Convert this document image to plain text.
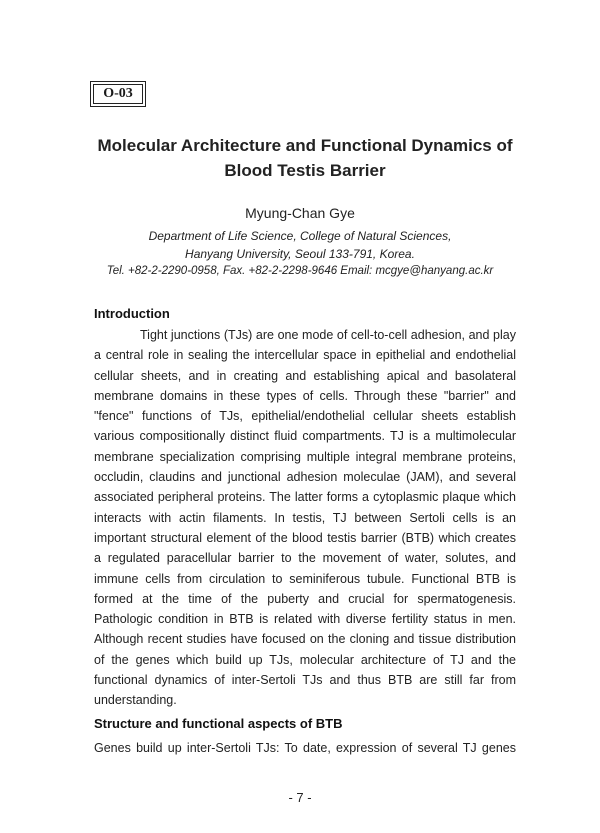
O-03
Molecular Architecture and Functional Dynamics of
Blood Testis Barrier
Myung-Chan Gye
Department of Life Science, College of Natural Sciences,
Hanyang University, Seoul 133-791, Korea.
Tel. +82-2-2290-0958, Fax. +82-2-2298-9646 Email: mcgye@hanyang.ac.kr
Introduction

Tight junctions (TJs) are one mode of cell-to-cell adhesion, and play a central role in sealing the intercellular space in epithelial and endothelial cellular sheets, and in creating and establishing apical and basolateral membrane domains in these types of cells. Through these "barrier" and "fence" functions of TJs, epithelial/endothelial cellular sheets establish various compositionally distinct fluid compartments. TJ is a multimolecular membrane specialization comprising multiple integral membrane proteins, occludin, claudins and junctional adhesion moleculae (JAM), and several associated peripheral proteins. The latter forms a cytoplasmic plaque which interacts with actin filaments. In testis, TJ between Sertoli cells is an important structural element of the blood testis barrier (BTB) which creates a regulated paracellular barrier to the movement of water, solutes, and immune cells from circulation to seminiferous tubule. Functional BTB is formed at the time of the puberty and crucial for spermatogenesis. Pathologic condition in BTB is related with diverse fertility status in men. Although recent studies have focused on the cloning and tissue distribution of the genes which build up TJs, molecular architecture of TJ and the functional dynamics of inter-Sertoli TJs and thus BTB are still far from understanding.

Structure and functional aspects of BTB

Genes build up inter-Sertoli TJs: To date, expression of several TJ genes

- 7 -
